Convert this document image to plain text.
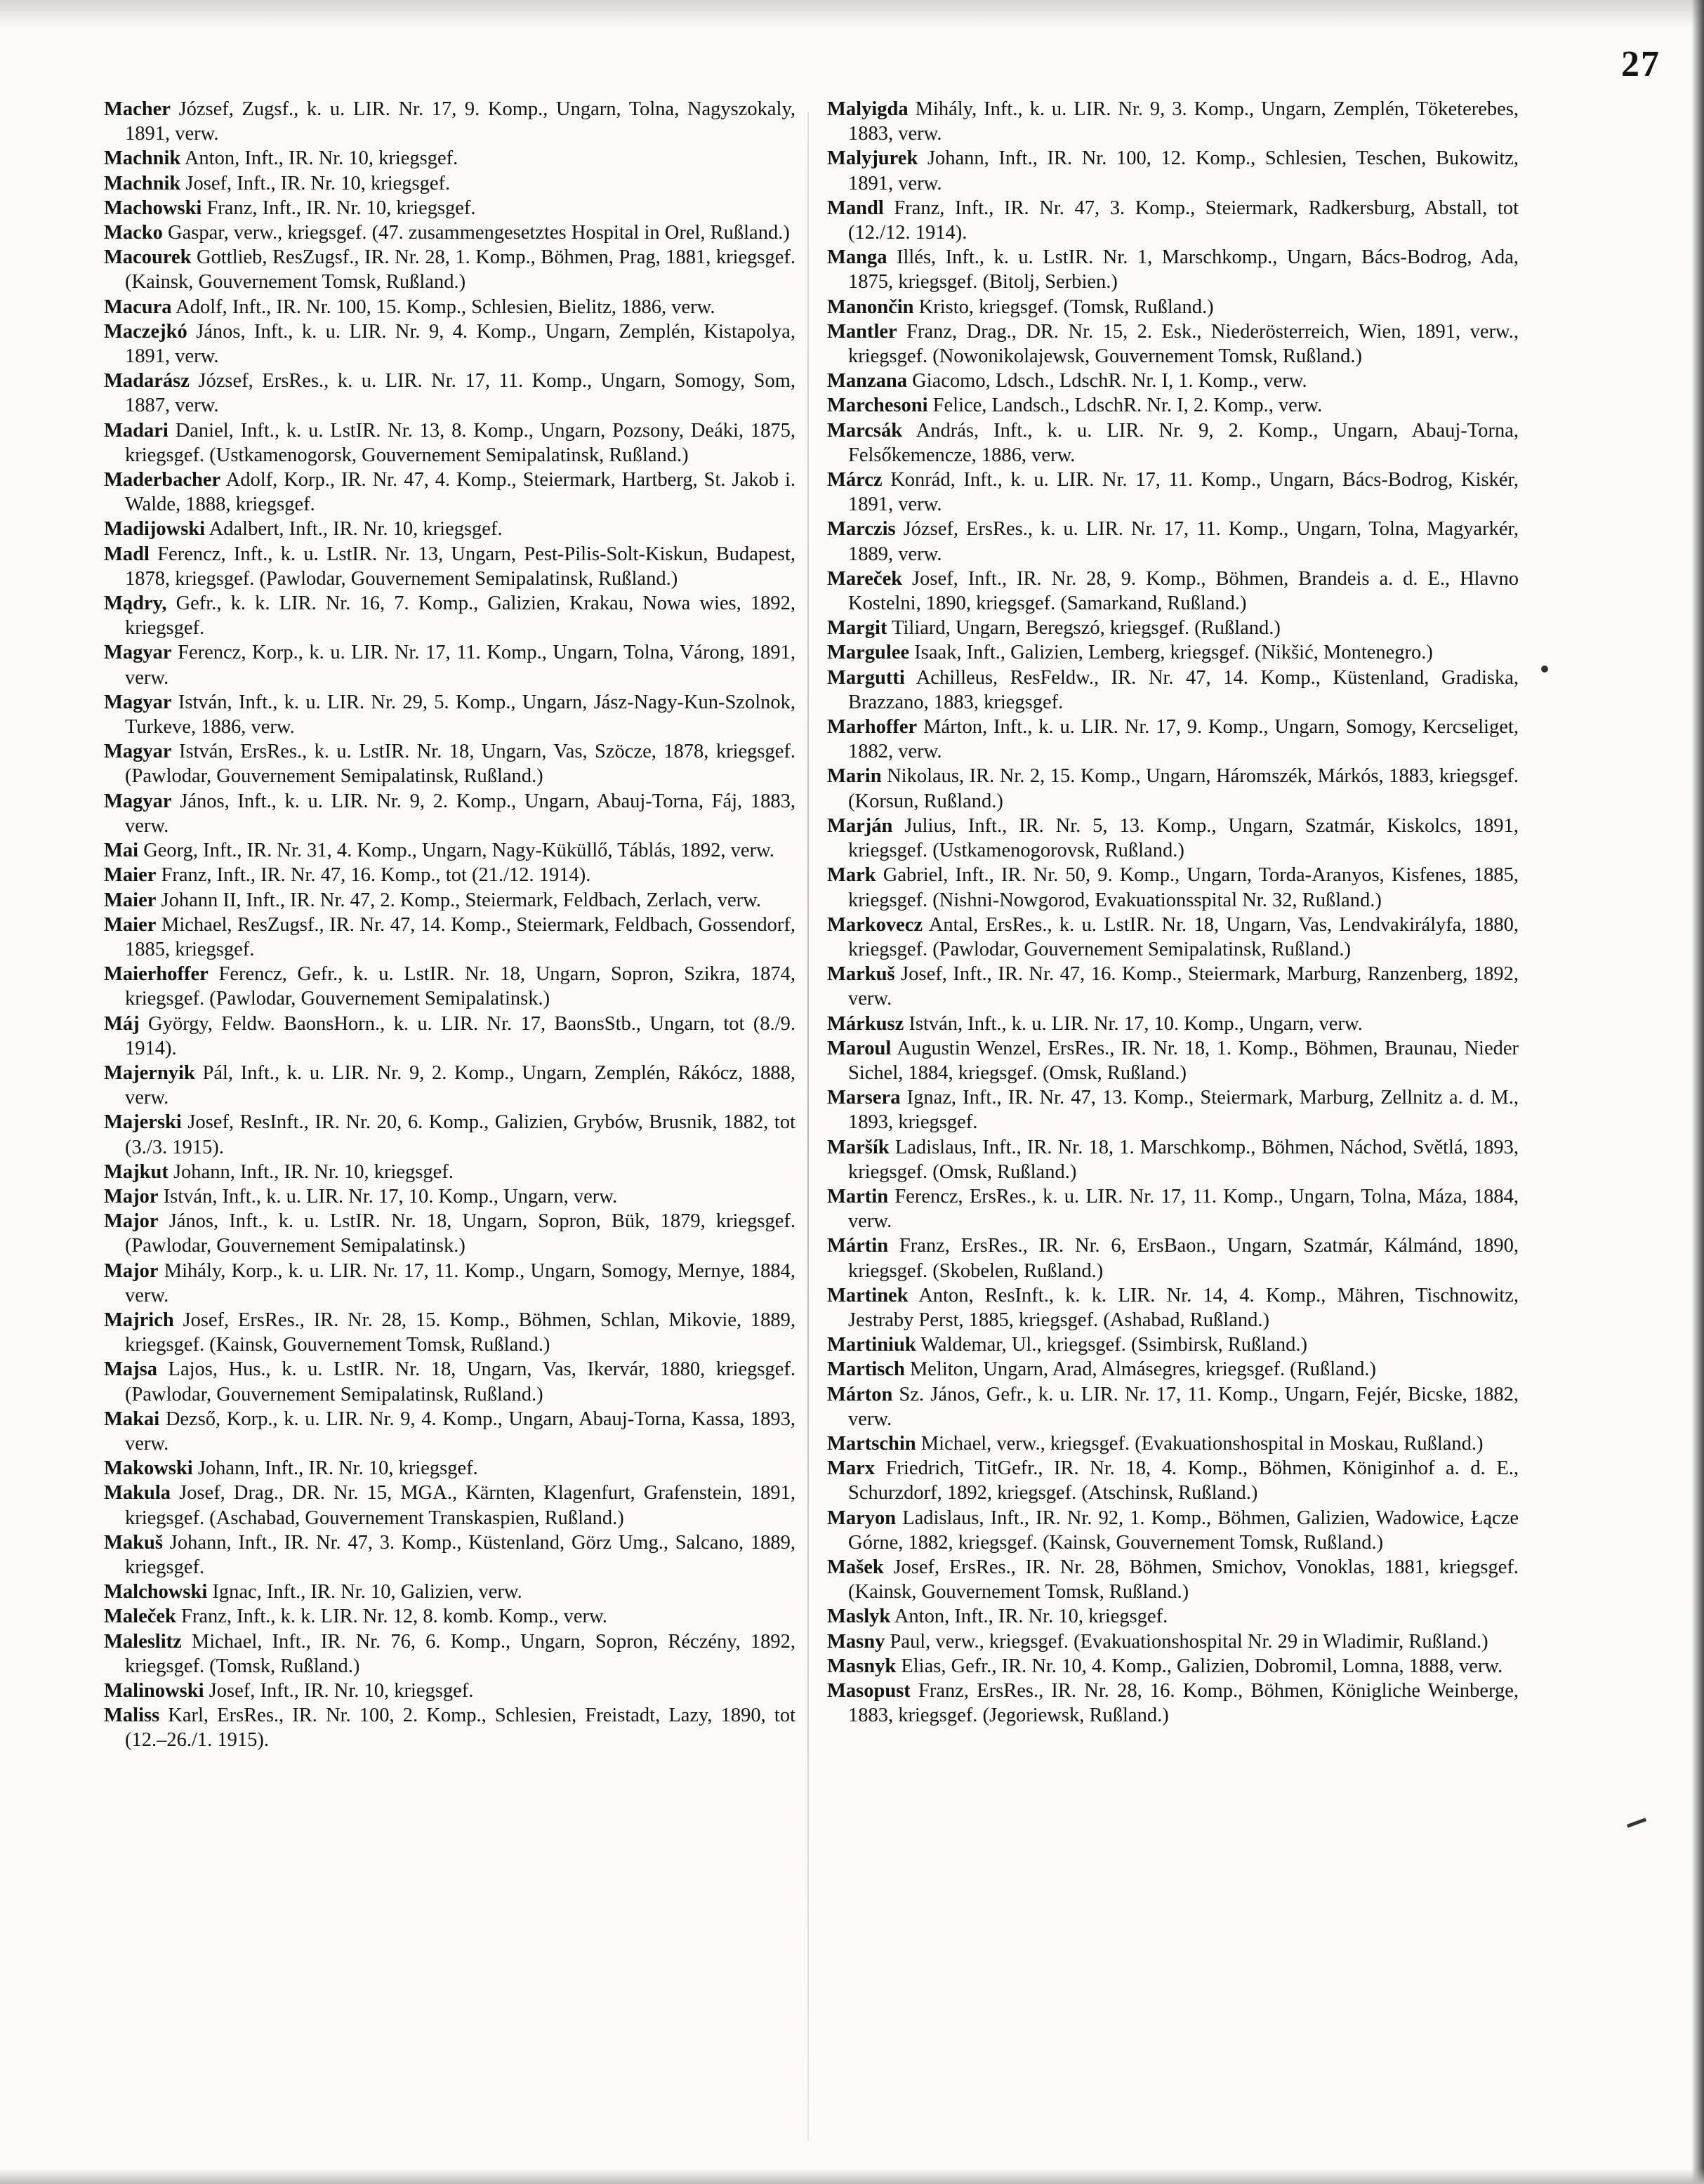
27

Macher József, Zugsf., k. u. LIR. Nr. 17, 9. Komp., Ungarn, Tolna, Nagyszokaly, 1891, verw.

Machnik Anton, Inft., IR. Nr. 10, kriegsgef.

Machnik Josef, Inft., IR. Nr. 10, kriegsgef.

Machowski Franz, Inft., IR. Nr. 10, kriegsgef.

Macko Gaspar, verw., kriegsgef. (47. zusammengesetztes Hospital in Orel, Rußland.)

Macourek Gottlieb, ResZugsf., IR. Nr. 28, 1. Komp., Böhmen, Prag, 1881, kriegsgef. (Kainsk, Gouvernement Tomsk, Rußland.)

Macura Adolf, Inft., IR. Nr. 100, 15. Komp., Schlesien, Bielitz, 1886, verw.

Maczejkó János, Inft., k. u. LIR. Nr. 9, 4. Komp., Ungarn, Zemplén, Kistapolya, 1891, verw.

Madarász József, ErsRes., k. u. LIR. Nr. 17, 11. Komp., Ungarn, Somogy, Som, 1887, verw.

Madari Daniel, Inft., k. u. LstIR. Nr. 13, 8. Komp., Ungarn, Pozsony, Deáki, 1875, kriegsgef. (Ustkamenogorsk, Gouvernement Semipalatinsk, Rußland.)

Maderbacher Adolf, Korp., IR. Nr. 47, 4. Komp., Steiermark, Hartberg, St. Jakob i. Walde, 1888, kriegsgef.

Madijowski Adalbert, Inft., IR. Nr. 10, kriegsgef.

Madl Ferencz, Inft., k. u. LstIR. Nr. 13, Ungarn, Pest-Pilis-Solt-Kiskun, Budapest, 1878, kriegsgef. (Pawlodar, Gouvernement Semipalatinsk, Rußland.)

Mądry, Gefr., k. k. LIR. Nr. 16, 7. Komp., Galizien, Krakau, Nowa wies, 1892, kriegsgef.

Magyar Ferencz, Korp., k. u. LIR. Nr. 17, 11. Komp., Ungarn, Tolna, Várong, 1891, verw.

Magyar István, Inft., k. u. LIR. Nr. 29, 5. Komp., Ungarn, Jász-Nagy-Kun-Szolnok, Turkeve, 1886, verw.

Magyar István, ErsRes., k. u. LstIR. Nr. 18, Ungarn, Vas, Szöcze, 1878, kriegsgef. (Pawlodar, Gouvernement Semipalatinsk, Rußland.)

Magyar János, Inft., k. u. LIR. Nr. 9, 2. Komp., Ungarn, Abauj-Torna, Fáj, 1883, verw.

Mai Georg, Inft., IR. Nr. 31, 4. Komp., Ungarn, Nagy-Küküllő, Táblás, 1892, verw.

Maier Franz, Inft., IR. Nr. 47, 16. Komp., tot (21./12. 1914).

Maier Johann II, Inft., IR. Nr. 47, 2. Komp., Steiermark, Feldbach, Zerlach, verw.

Maier Michael, ResZugsf., IR. Nr. 47, 14. Komp., Steiermark, Feldbach, Gossendorf, 1885, kriegsgef.

Maierhoffer Ferencz, Gefr., k. u. LstIR. Nr. 18, Ungarn, Sopron, Szikra, 1874, kriegsgef. (Pawlodar, Gouvernement Semipalatinsk.)

Máj György, Feldw. BaonsHorn., k. u. LIR. Nr. 17, BaonsStb., Ungarn, tot (8./9. 1914).

Majernyik Pál, Inft., k. u. LIR. Nr. 9, 2. Komp., Ungarn, Zemplén, Rákócz, 1888, verw.

Majerski Josef, ResInft., IR. Nr. 20, 6. Komp., Galizien, Grybów, Brusnik, 1882, tot (3./3. 1915).

Majkut Johann, Inft., IR. Nr. 10, kriegsgef.

Major István, Inft., k. u. LIR. Nr. 17, 10. Komp., Ungarn, verw.

Major János, Inft., k. u. LstIR. Nr. 18, Ungarn, Sopron, Bük, 1879, kriegsgef. (Pawlodar, Gouvernement Semipalatinsk.)

Major Mihály, Korp., k. u. LIR. Nr. 17, 11. Komp., Ungarn, Somogy, Mernye, 1884, verw.

Majrich Josef, ErsRes., IR. Nr. 28, 15. Komp., Böhmen, Schlan, Mikovie, 1889, kriegsgef. (Kainsk, Gouvernement Tomsk, Rußland.)

Majsa Lajos, Hus., k. u. LstIR. Nr. 18, Ungarn, Vas, Ikervár, 1880, kriegsgef. (Pawlodar, Gouvernement Semipalatinsk, Rußland.)

Makai Dezső, Korp., k. u. LIR. Nr. 9, 4. Komp., Ungarn, Abauj-Torna, Kassa, 1893, verw.

Makowski Johann, Inft., IR. Nr. 10, kriegsgef.

Makula Josef, Drag., DR. Nr. 15, MGA., Kärnten, Klagenfurt, Grafenstein, 1891, kriegsgef. (Aschabad, Gouvernement Transkaspien, Rußland.)

Makuš Johann, Inft., IR. Nr. 47, 3. Komp., Küstenland, Görz Umg., Salcano, 1889, kriegsgef.

Malchowski Ignac, Inft., IR. Nr. 10, Galizien, verw.

Maleček Franz, Inft., k. k. LIR. Nr. 12, 8. komb. Komp., verw.

Maleslitz Michael, Inft., IR. Nr. 76, 6. Komp., Ungarn, Sopron, Réczény, 1892, kriegsgef. (Tomsk, Rußland.)

Malinowski Josef, Inft., IR. Nr. 10, kriegsgef.

Maliss Karl, ErsRes., IR. Nr. 100, 2. Komp., Schlesien, Freistadt, Lazy, 1890, tot (12.–26./1. 1915).

Malyigda Mihály, Inft., k. u. LIR. Nr. 9, 3. Komp., Ungarn, Zemplén, Töketerebes, 1883, verw.

Malyjurek Johann, Inft., IR. Nr. 100, 12. Komp., Schlesien, Teschen, Bukowitz, 1891, verw.

Mandl Franz, Inft., IR. Nr. 47, 3. Komp., Steiermark, Radkersburg, Abstall, tot (12./12. 1914).

Manga Illés, Inft., k. u. LstIR. Nr. 1, Marschkomp., Ungarn, Bács-Bodrog, Ada, 1875, kriegsgef. (Bitolj, Serbien.)

Manončin Kristo, kriegsgef. (Tomsk, Rußland.)

Mantler Franz, Drag., DR. Nr. 15, 2. Esk., Niederösterreich, Wien, 1891, verw., kriegsgef. (Nowonikolajewsk, Gouvernement Tomsk, Rußland.)

Manzana Giacomo, Ldsch., LdschR. Nr. I, 1. Komp., verw.

Marchesoni Felice, Landsch., LdschR. Nr. I, 2. Komp., verw.

Marcsák András, Inft., k. u. LIR. Nr. 9, 2. Komp., Ungarn, Abauj-Torna, Felsőkemencze, 1886, verw.

Márcz Konrád, Inft., k. u. LIR. Nr. 17, 11. Komp., Ungarn, Bács-Bodrog, Kiskér, 1891, verw.

Marczis József, ErsRes., k. u. LIR. Nr. 17, 11. Komp., Ungarn, Tolna, Magyarkér, 1889, verw.

Mareček Josef, Inft., IR. Nr. 28, 9. Komp., Böhmen, Brandeis a. d. E., Hlavno Kostelni, 1890, kriegsgef. (Samarkand, Rußland.)

Margit Tiliard, Ungarn, Beregszó, kriegsgef. (Rußland.)

Margulee Isaak, Inft., Galizien, Lemberg, kriegsgef. (Nikšić, Montenegro.)

Margutti Achilleus, ResFeldw., IR. Nr. 47, 14. Komp., Küstenland, Gradiska, Brazzano, 1883, kriegsgef.

Marhoffer Márton, Inft., k. u. LIR. Nr. 17, 9. Komp., Ungarn, Somogy, Kercseliget, 1882, verw.

Marin Nikolaus, IR. Nr. 2, 15. Komp., Ungarn, Háromszék, Márkós, 1883, kriegsgef. (Korsun, Rußland.)

Marján Julius, Inft., IR. Nr. 5, 13. Komp., Ungarn, Szatmár, Kiskolcs, 1891, kriegsgef. (Ustkamenogorovsk, Rußland.)

Mark Gabriel, Inft., IR. Nr. 50, 9. Komp., Ungarn, Torda-Aranyos, Kisfenes, 1885, kriegsgef. (Nishni-Nowgorod, Evakuationsspital Nr. 32, Rußland.)

Markovecz Antal, ErsRes., k. u. LstIR. Nr. 18, Ungarn, Vas, Lendvakirályfa, 1880, kriegsgef. (Pawlodar, Gouvernement Semipalatinsk, Rußland.)

Markuš Josef, Inft., IR. Nr. 47, 16. Komp., Steiermark, Marburg, Ranzenberg, 1892, verw.

Márkusz István, Inft., k. u. LIR. Nr. 17, 10. Komp., Ungarn, verw.

Maroul Augustin Wenzel, ErsRes., IR. Nr. 18, 1. Komp., Böhmen, Braunau, Nieder Sichel, 1884, kriegsgef. (Omsk, Rußland.)

Marsera Ignaz, Inft., IR. Nr. 47, 13. Komp., Steiermark, Marburg, Zellnitz a. d. M., 1893, kriegsgef.

Maršík Ladislaus, Inft., IR. Nr. 18, 1. Marschkomp., Böhmen, Náchod, Světlá, 1893, kriegsgef. (Omsk, Rußland.)

Martin Ferencz, ErsRes., k. u. LIR. Nr. 17, 11. Komp., Ungarn, Tolna, Máza, 1884, verw.

Mártin Franz, ErsRes., IR. Nr. 6, ErsBaon., Ungarn, Szatmár, Kálmánd, 1890, kriegsgef. (Skobelen, Rußland.)

Martinek Anton, ResInft., k. k. LIR. Nr. 14, 4. Komp., Mähren, Tischnowitz, Jestraby Perst, 1885, kriegsgef. (Ashabad, Rußland.)

Martiniuk Waldemar, Ul., kriegsgef. (Ssimbirsk, Rußland.)

Martisch Meliton, Ungarn, Arad, Almásegres, kriegsgef. (Rußland.)

Márton Sz. János, Gefr., k. u. LIR. Nr. 17, 11. Komp., Ungarn, Fejér, Bicske, 1882, verw.

Martschin Michael, verw., kriegsgef. (Evakuationshospital in Moskau, Rußland.)

Marx Friedrich, TitGefr., IR. Nr. 18, 4. Komp., Böhmen, Königinhof a. d. E., Schurzdorf, 1892, kriegsgef. (Atschinsk, Rußland.)

Maryon Ladislaus, Inft., IR. Nr. 92, 1. Komp., Böhmen, Galizien, Wadowice, Łącze Górne, 1882, kriegsgef. (Kainsk, Gouvernement Tomsk, Rußland.)

Mašek Josef, ErsRes., IR. Nr. 28, Böhmen, Smichov, Vonoklas, 1881, kriegsgef. (Kainsk, Gouvernement Tomsk, Rußland.)

Maslyk Anton, Inft., IR. Nr. 10, kriegsgef.

Masny Paul, verw., kriegsgef. (Evakuationshospital Nr. 29 in Wladimir, Rußland.)

Masnyk Elias, Gefr., IR. Nr. 10, 4. Komp., Galizien, Dobromil, Lomna, 1888, verw.

Masopust Franz, ErsRes., IR. Nr. 28, 16. Komp., Böhmen, Königliche Weinberge, 1883, kriegsgef. (Jegoriewsk, Rußland.)
